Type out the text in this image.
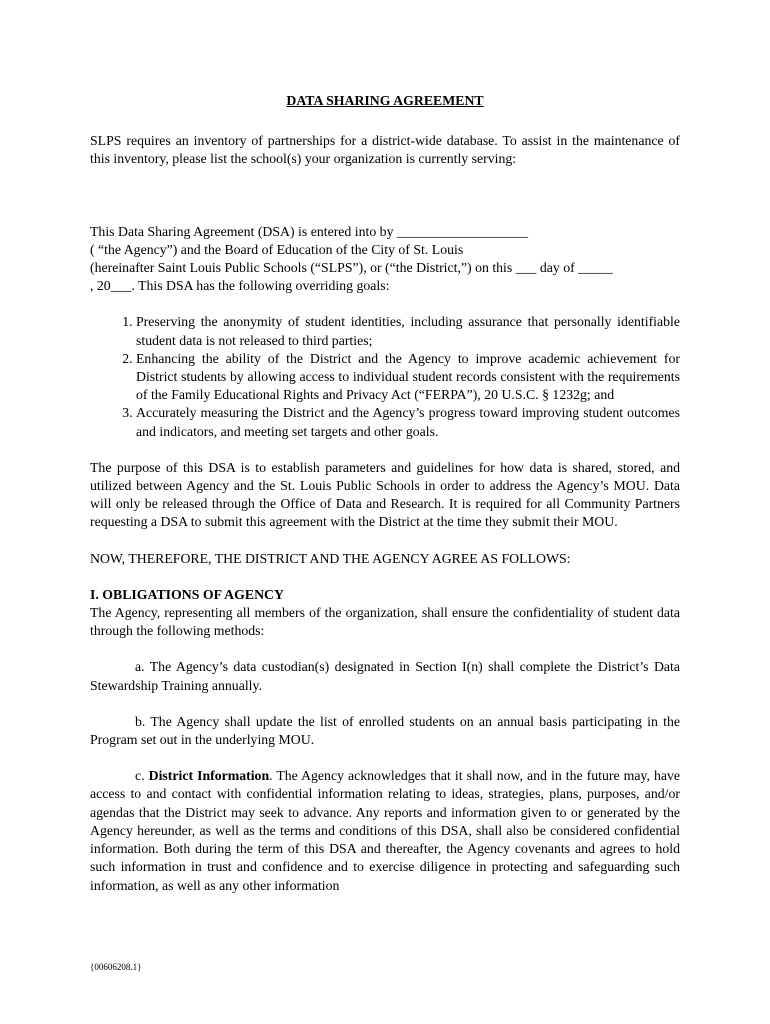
DATA SHARING AGREEMENT

SLPS requires an inventory of partnerships for a district-wide database. To assist in the maintenance of this inventory, please list the school(s) your organization is currently serving:

This Data Sharing Agreement (DSA) is entered into by ___________________
( “the Agency”) and the Board of Education of the City of St. Louis
(hereinafter Saint Louis Public Schools (“SLPS”), or (“the District,”) on this ___ day of _____
, 20___. This DSA has the following overriding goals:
1. Preserving the anonymity of student identities, including assurance that personally identifiable student data is not released to third parties;
2. Enhancing the ability of the District and the Agency to improve academic achievement for District students by allowing access to individual student records consistent with the requirements of the Family Educational Rights and Privacy Act (“FERPA”), 20 U.S.C. § 1232g; and
3. Accurately measuring the District and the Agency’s progress toward improving student outcomes and indicators, and meeting set targets and other goals.

The purpose of this DSA is to establish parameters and guidelines for how data is shared, stored, and utilized between Agency and the St. Louis Public Schools in order to address the Agency’s MOU. Data will only be released through the Office of Data and Research. It is required for all Community Partners requesting a DSA to submit this agreement with the District at the time they submit their MOU.

NOW, THEREFORE, THE DISTRICT AND THE AGENCY AGREE AS FOLLOWS:

I. OBLIGATIONS OF AGENCY

The Agency, representing all members of the organization, shall ensure the confidentiality of student data through the following methods:

a. The Agency’s data custodian(s) designated in Section I(n) shall complete the District’s Data Stewardship Training annually.

b. The Agency shall update the list of enrolled students on an annual basis participating in the Program set out in the underlying MOU.

c. District Information. The Agency acknowledges that it shall now, and in the future may, have access to and contact with confidential information relating to ideas, strategies, plans, purposes, and/or agendas that the District may seek to advance. Any reports and information given to or generated by the Agency hereunder, as well as the terms and conditions of this DSA, shall also be considered confidential information. Both during the term of this DSA and thereafter, the Agency covenants and agrees to hold such information in trust and confidence and to exercise diligence in protecting and safeguarding such information, as well as any other information

{00606208.1}
